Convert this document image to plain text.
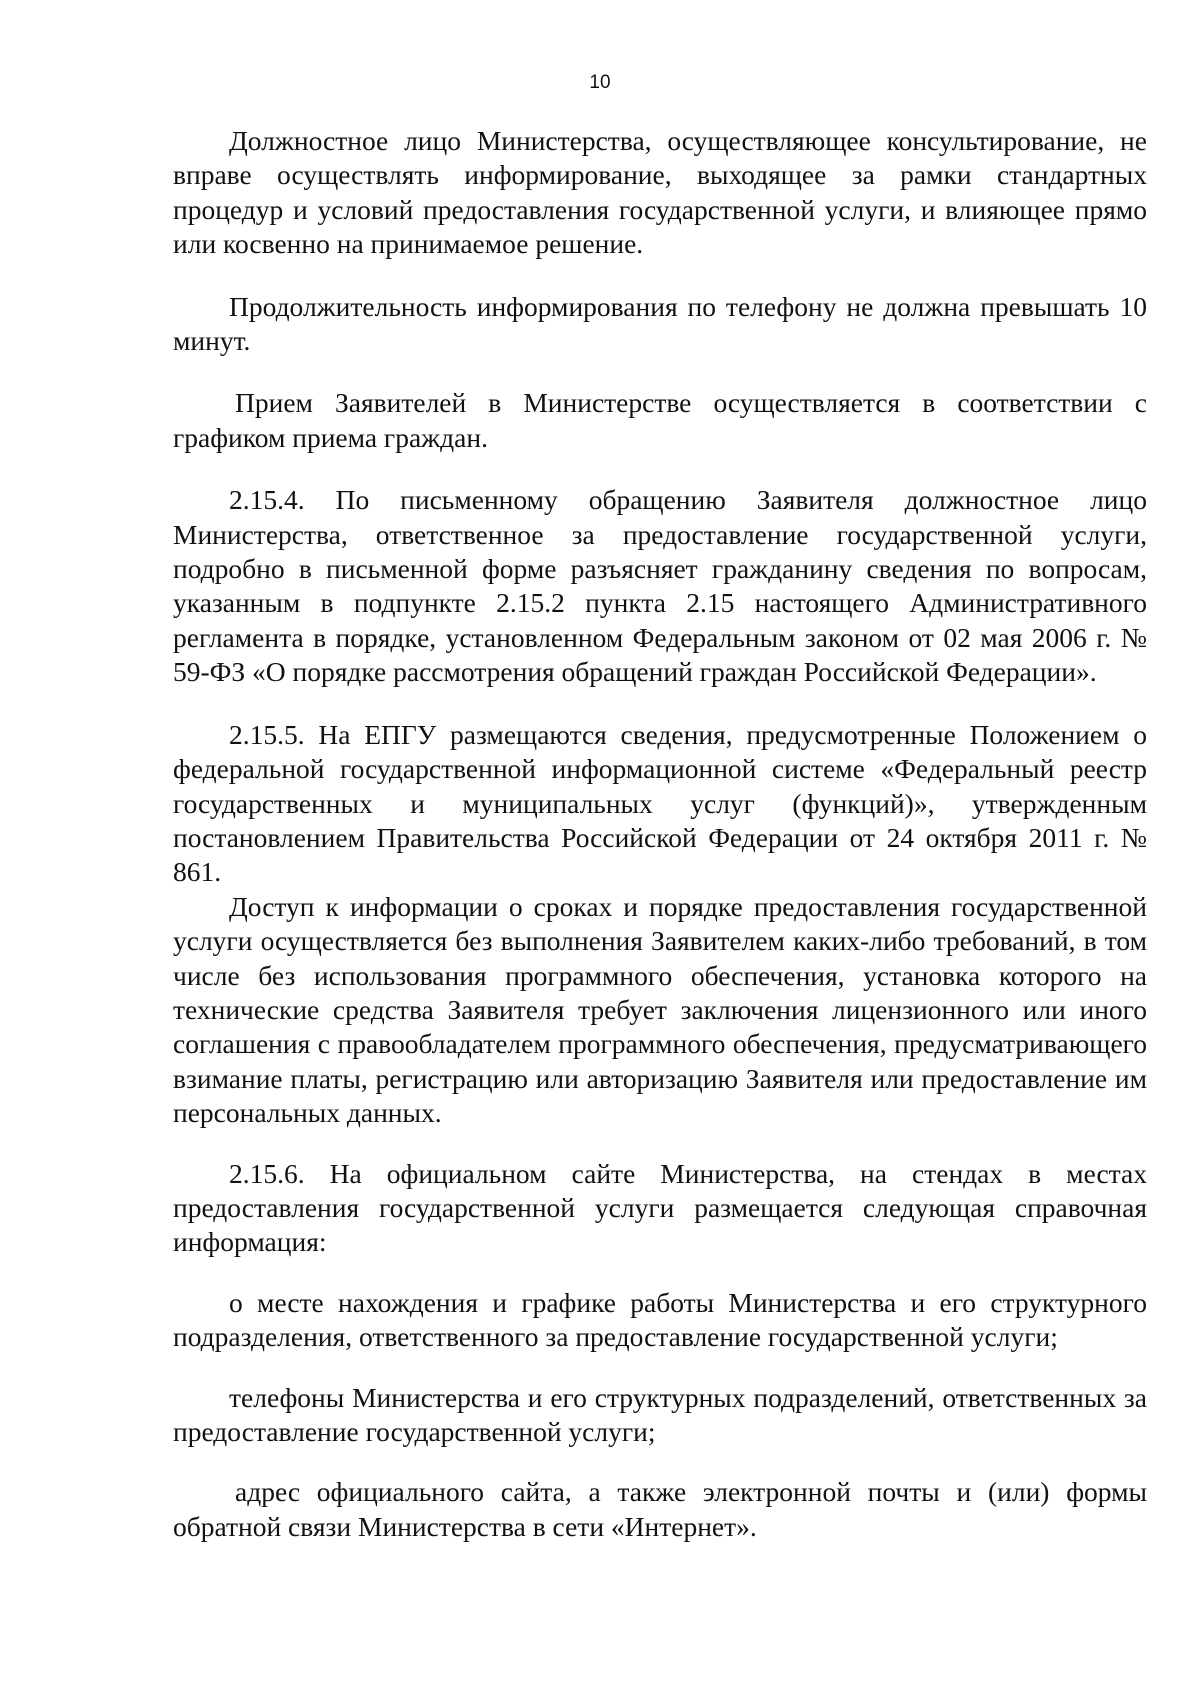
10

Должностное лицо Министерства, осуществляющее консультирование, не вправе осуществлять информирование, выходящее за рамки стандартных процедур и условий предоставления государственной услуги, и влияющее прямо или косвенно на принимаемое решение.

Продолжительность информирования по телефону не должна превышать 10 минут.

Прием Заявителей в Министерстве осуществляется в соответствии с графиком приема граждан.

2.15.4. По письменному обращению Заявителя должностное лицо Министерства, ответственное за предоставление государственной услуги, подробно в письменной форме разъясняет гражданину сведения по вопросам, указанным в подпункте 2.15.2 пункта 2.15 настоящего Административного регламента в порядке, установленном Федеральным законом от 02 мая 2006 г. № 59-ФЗ «О порядке рассмотрения обращений граждан Российской Федерации».

2.15.5. На ЕПГУ размещаются сведения, предусмотренные Положением о федеральной государственной информационной системе «Федеральный реестр государственных и муниципальных услуг (функций)», утвержденным постановлением Правительства Российской Федерации от 24 октября 2011 г. № 861.

Доступ к информации о сроках и порядке предоставления государственной услуги осуществляется без выполнения Заявителем каких-либо требований, в том числе без использования программного обеспечения, установка которого на технические средства Заявителя требует заключения лицензионного или иного соглашения с правообладателем программного обеспечения, предусматривающего взимание платы, регистрацию или авторизацию Заявителя или предоставление им персональных данных.

2.15.6. На официальном сайте Министерства, на стендах в местах предоставления государственной услуги размещается следующая справочная информация:

о месте нахождения и графике работы Министерства и его структурного подразделения, ответственного за предоставление государственной услуги;

телефоны Министерства и его структурных подразделений, ответственных за предоставление государственной услуги;

адрес официального сайта, а также электронной почты и (или) формы обратной связи Министерства в сети «Интернет».
